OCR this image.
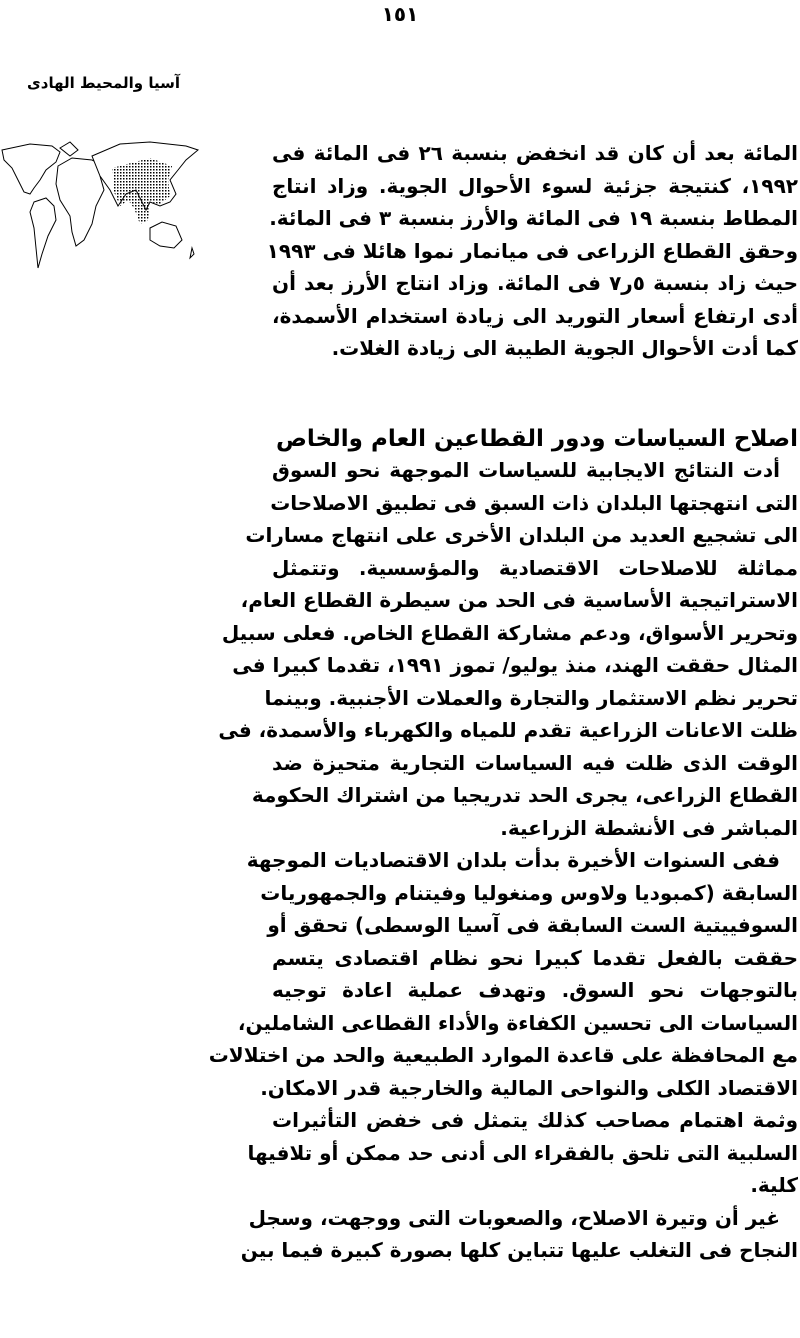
١٥١
آسيا والمحيط الهادى
المائة بعد أن كان قد انخفض بنسبة ٢٦ فى المائة فى
١٩٩٢، كنتيجة جزئية لسوء الأحوال الجوية. وزاد انتاج
المطاط بنسبة ١٩ فى المائة والأرز بنسبة ٣ فى المائة.
وحقق القطاع الزراعى فى ميانمار نموا هائلا فى ١٩٩٣
حيث زاد بنسبة ٥ر٧ فى المائة. وزاد انتاج الأرز بعد أن
أدى ارتفاع أسعار التوريد الى زيادة استخدام الأسمدة،
كما أدت الأحوال الجوية الطيبة الى زيادة الغلات.
اصلاح السياسات ودور القطاعين العام والخاص
أدت النتائج الايجابية للسياسات الموجهة نحو السوق
التى انتهجتها البلدان ذات السبق فى تطبيق الاصلاحات
الى تشجيع العديد من البلدان الأخرى على انتهاج مسارات
مماثلة للاصلاحات الاقتصادية والمؤسسية. وتتمثل
الاستراتيجية الأساسية فى الحد من سيطرة القطاع العام،
وتحرير الأسواق، ودعم مشاركة القطاع الخاص. فعلى سبيل
المثال حققت الهند، منذ يوليو/ تموز ١٩٩١، تقدما كبيرا فى
تحرير نظم الاستثمار والتجارة والعملات الأجنبية. وبينما
ظلت الاعانات الزراعية تقدم للمياه والكهرباء والأسمدة، فى
الوقت الذى ظلت فيه السياسات التجارية متحيزة ضد
القطاع الزراعى، يجرى الحد تدريجيا من اشتراك الحكومة
المباشر فى الأنشطة الزراعية.
ففى السنوات الأخيرة بدأت بلدان الاقتصاديات الموجهة
السابقة (كمبوديا ولاوس ومنغوليا وفيتنام والجمهوريات
السوفييتية الست السابقة فى آسيا الوسطى) تحقق أو
حققت بالفعل تقدما كبيرا نحو نظام اقتصادى يتسم
بالتوجهات نحو السوق. وتهدف عملية اعادة توجيه
السياسات الى تحسين الكفاءة والأداء القطاعى الشاملين،
مع المحافظة على قاعدة الموارد الطبيعية والحد من اختلالات
الاقتصاد الكلى والنواحى المالية والخارجية قدر الامكان.
وثمة اهتمام مصاحب كذلك يتمثل فى خفض التأثيرات
السلبية التى تلحق بالفقراء الى أدنى حد ممكن أو تلافيها
كلية.
غير أن وتيرة الاصلاح، والصعوبات التى ووجهت، وسجل
النجاح فى التغلب عليها تتباين كلها بصورة كبيرة فيما بين
